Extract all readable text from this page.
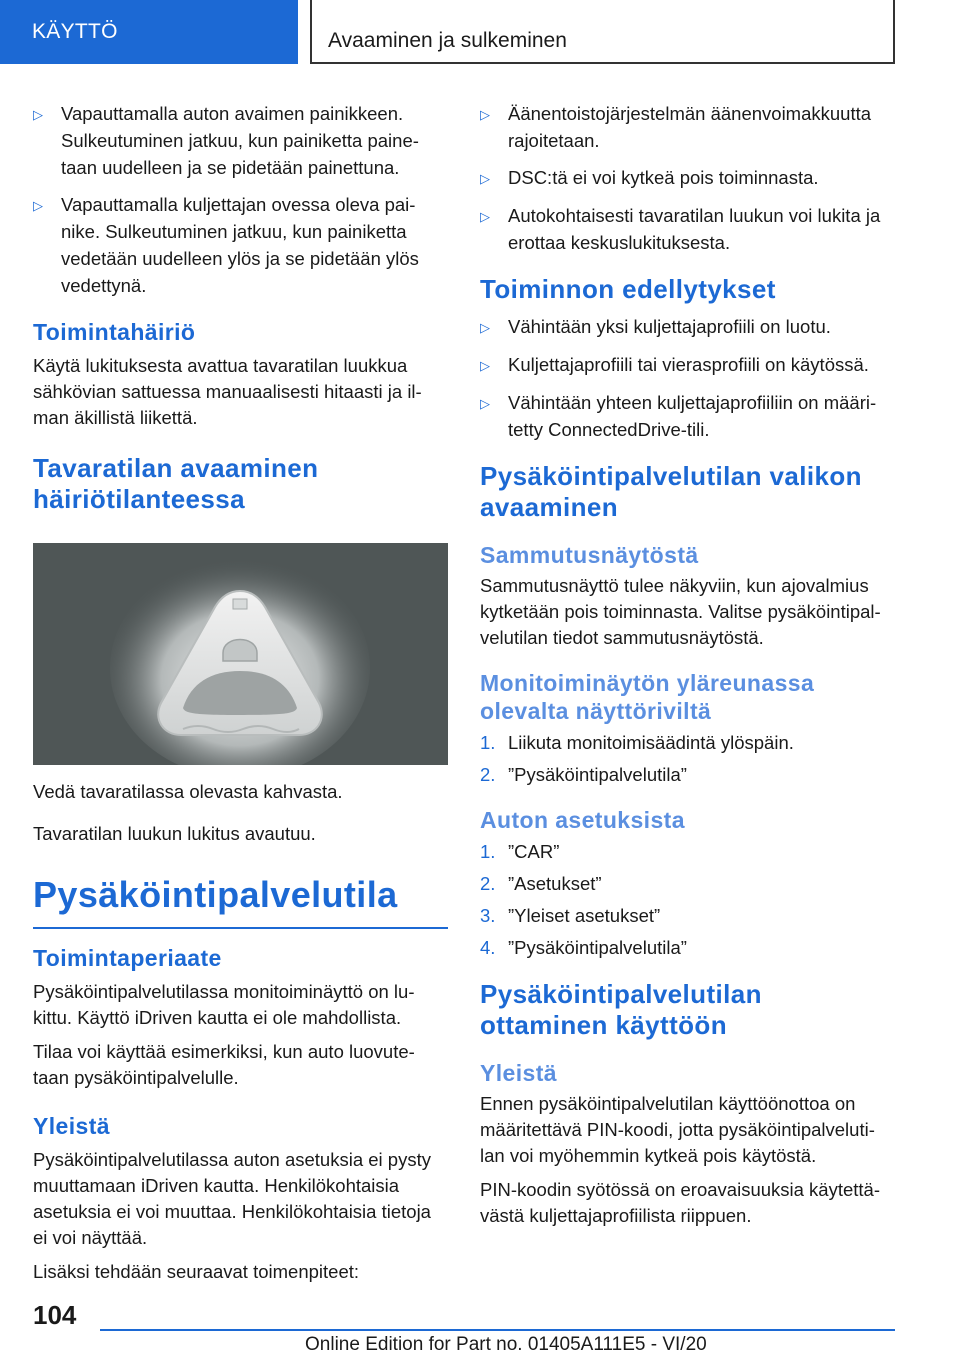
KÄYTTÖ	Avaaminen ja sulkeminen
▷ Vapauttamalla auton avaimen painikkeen. Sulkeutuminen jatkuu, kun painiketta paine-taan uudelleen ja se pidetään painettuna.
▷ Vapauttamalla kuljettajan ovessa oleva pai-nike. Sulkeutuminen jatkuu, kun painiketta vedetään uudelleen ylös ja se pidetään ylös vedettynä.
Toimintahäiriö

Käytä lukituksesta avattua tavaratilan luukkua sähkövian sattuessa manuaalisesti hitaasti ja il-man äkillistä liikettä.

Tavaratilan avaaminen häiriötilanteessa

Vedä tavaratilassa olevasta kahvasta.

Tavaratilan luukun lukitus avautuu.

Pysäköintipalvelutila
Toimintaperiaate

Pysäköintipalvelutilassa monitoiminäyttö on lu-kittu. Käyttö iDriven kautta ei ole mahdollista.

Tilaa voi käyttää esimerkiksi, kun auto luovute-taan pysäköintipalvelulle.

Yleistä

Pysäköintipalvelutilassa auton asetuksia ei pysty muuttamaan iDriven kautta. Henkilökohtaisia asetuksia ei voi muuttaa. Henkilökohtaisia tietoja ei voi näyttää.

Lisäksi tehdään seuraavat toimenpiteet:

▷ Äänentoistojärjestelmän äänenvoimakkuutta rajoitetaan.
▷ DSC:tä ei voi kytkeä pois toiminnasta.
▷ Autokohtaisesti tavaratilan luukun voi lukita ja erottaa keskuslukituksesta.
Toiminnon edellytykset
▷ Vähintään yksi kuljettajaprofiili on luotu.
▷ Kuljettajaprofiili tai vierasprofiili on käytössä.
▷ Vähintään yhteen kuljettajaprofiiliin on määri-tetty ConnectedDrive-tili.
Pysäköintipalvelutilan valikon avaaminen
Sammutusnäytöstä

Sammutusnäyttö tulee näkyviin, kun ajovalmius kytketään pois toiminnasta. Valitse pysäköintipal-velutilan tiedot sammutusnäytöstä.

Monitoiminäytön yläreunassa olevalta näyttöriviltä
1. Liikuta monitoimisäädintä ylöspäin.
2. ”Pysäköintipalvelutila”
Auton asetuksista
1. ”CAR”
2. ”Asetukset”
3. ”Yleiset asetukset”
4. ”Pysäköintipalvelutila”
Pysäköintipalvelutilan ottaminen käyttöön
Yleistä

Ennen pysäköintipalvelutilan käyttöönottoa on määritettävä PIN-koodi, jotta pysäköintipalveluti-lan voi myöhemmin kytkeä pois käytöstä.

PIN-koodin syötössä on eroavaisuuksia käytettä-västä kuljettajaprofiilista riippuen.

104
Online Edition for Part no. 01405A111E5 - VI/20
